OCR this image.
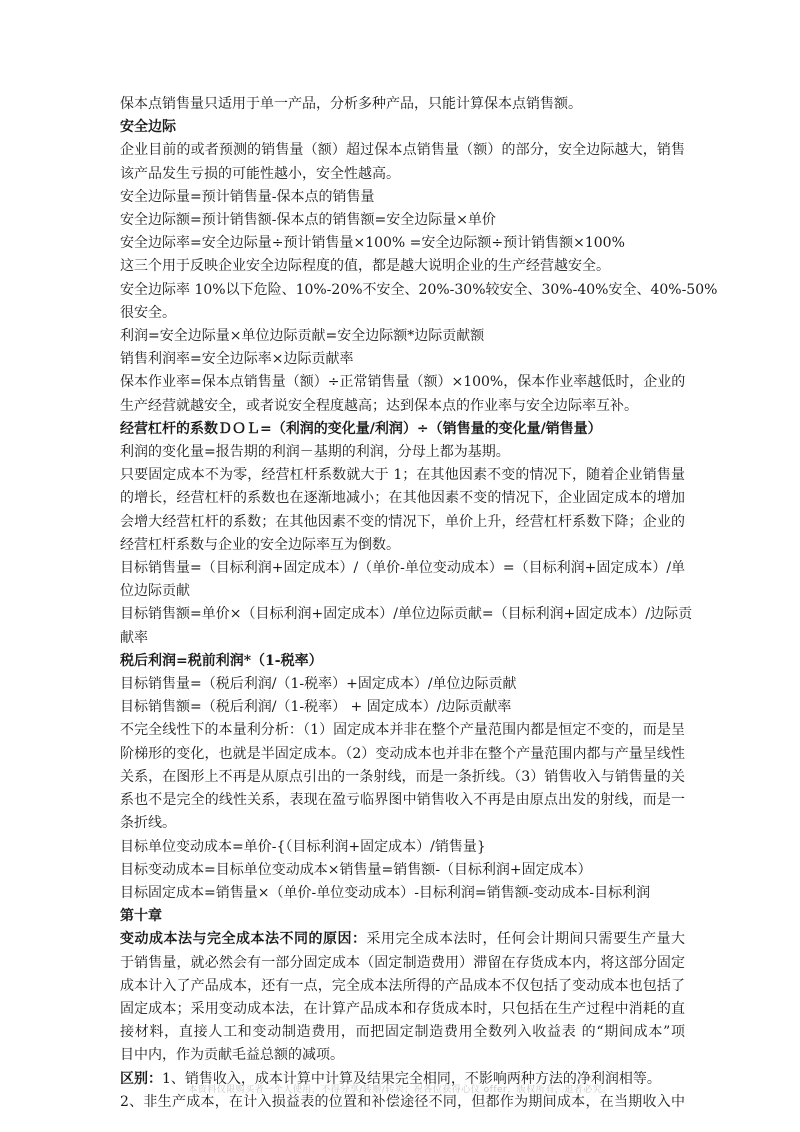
保本点销售量只适用于单一产品，分析多种产品，只能计算保本点销售额。
安全边际
企业目前的或者预测的销售量（额）超过保本点销售量（额）的部分，安全边际越大，销售
该产品发生亏损的可能性越小，安全性越高。
安全边际量=预计销售量-保本点的销售量
安全边际额=预计销售额-保本点的销售额=安全边际量×单价
安全边际率=安全边际量÷预计销售量×100% =安全边际额÷预计销售额×100%
这三个用于反映企业安全边际程度的值，都是越大说明企业的生产经营越安全。
安全边际率 10%以下危险、10%-20%不安全、20%-30%较安全、30%-40%安全、40%-50%
很安全。
利润=安全边际量×单位边际贡献=安全边际额*边际贡献额
销售利润率=安全边际率×边际贡献率
保本作业率=保本点销售量（额）÷正常销售量（额）×100%，保本作业率越低时，企业的
生产经营就越安全，或者说安全程度越高；达到保本点的作业率与安全边际率互补。
经营杠杆的系数ＤＯＬ=（利润的变化量/利润）÷（销售量的变化量/销售量）
利润的变化量=报告期的利润－基期的利润，分母上都为基期。
只要固定成本不为零，经营杠杆系数就大于 1；在其他因素不变的情况下，随着企业销售量
的增长，经营杠杆的系数也在逐渐地减小；在其他因素不变的情况下，企业固定成本的增加
会增大经营杠杆的系数；在其他因素不变的情况下，单价上升，经营杠杆系数下降；企业的
经营杠杆系数与企业的安全边际率互为倒数。
目标销售量=（目标利润+固定成本）/（单价-单位变动成本）=（目标利润+固定成本）/单
位边际贡献
目标销售额=单价×（目标利润+固定成本）/单位边际贡献=（目标利润+固定成本）/边际贡
献率
税后利润=税前利润*（1-税率）
目标销售量=（税后利润/（1-税率）+固定成本）/单位边际贡献
目标销售额=（税后利润/（1-税率） + 固定成本）/边际贡献率
不完全线性下的本量利分析：（1）固定成本并非在整个产量范围内都是恒定不变的，而是呈
阶梯形的变化，也就是半固定成本。（2）变动成本也并非在整个产量范围内都与产量呈线性
关系，在图形上不再是从原点引出的一条射线，而是一条折线。（3）销售收入与销售量的关
系也不是完全的线性关系，表现在盈亏临界图中销售收入不再是由原点出发的射线，而是一
条折线。
目标单位变动成本=单价-{（目标利润+固定成本）/销售量}
目标变动成本=目标单位变动成本×销售量=销售额-（目标利润+固定成本）
目标固定成本=销售量×（单价-单位变动成本）-目标利润=销售额-变动成本-目标利润
第十章
变动成本法与完全成本法不同的原因：采用完全成本法时，任何会计期间只需要生产量大
于销售量，就必然会有一部分固定成本（固定制造费用）滞留在存货成本内，将这部分固定
成本计入了产品成本，还有一点，完全成本法所得的产品成本不仅包括了变动成本也包括了
固定成本；采用变动成本法，在计算产品成本和存货成本时，只包括在生产过程中消耗的直
接材料，直接人工和变动制造费用，而把固定制造费用全数列入收益表 的“期间成本”项
目中内，作为贡献毛益总额的减项。
区别：1、销售收入，成本计算中计算及结果完全相同，不影响两种方法的净利润相等。
2、非生产成本，在计入损益表的位置和补偿途径不同，但都作为期间成本，在当期收入中
本资料仅限购买者一个人使用，不得分享/转赠/转卖；祝各位获得心仪 offer，版权所有，追者必究。
